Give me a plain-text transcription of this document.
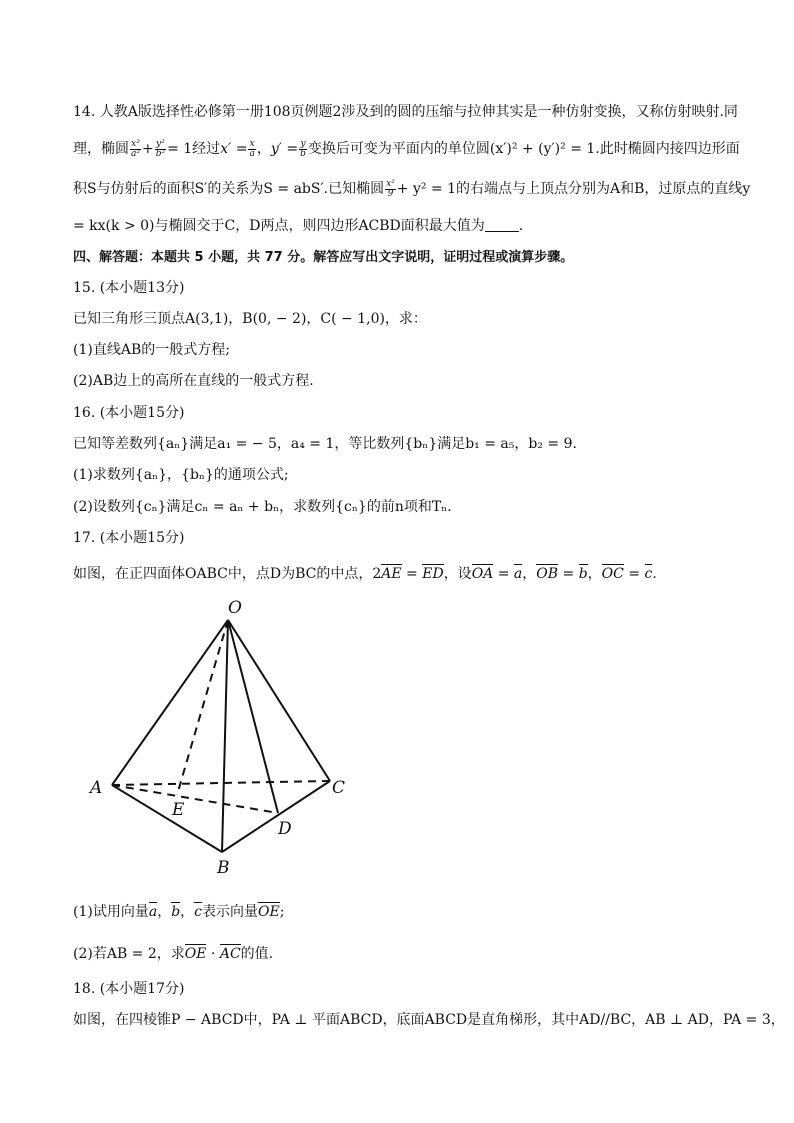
14. 人教A版选择性必修第一册108页例题2涉及到的圆的压缩与拉伸其实是一种仿射变换，又称仿射映射.同
理，椭圆 $\frac{\text{x²}}{\text{a²}} + \frac{\text{y²}}{\text{b²}} = 1$经过$x' = \frac{x}{a}$ ，$y' = \frac{y}{b}$ 变换后可变为平面内的单位圆(x′)² + (y′)² = 1.此时椭圆内接四边形面
积S与仿射后的面积S′的关系为S = abS′.已知椭圆 $\frac{\text{x²}}{9} + y^2 = 1$的右端点与上顶点分别为A和B，过原点的直线y
= kx(k > 0)与椭圆交于C，D两点，则四边形ACBD面积最大值为 .
四、解答题：本题共 5 小题，共 77 分。解答应写出文字说明，证明过程或演算步骤。
15. (本小题13分)
已知三角形三顶点A(3,1)，B(0, − 2)，C( − 1,0)，求：
(1)直线AB的一般式方程;
(2)AB边上的高所在直线的一般式方程.
16. (本小题15分)
已知等差数列{aₙ}满足a₁ = − 5，a₄ = 1，等比数列{bₙ}满足b₁ = a₅，b₂ = 9.
(1)求数列{aₙ}，{bₙ}的通项公式;
(2)设数列{cₙ}满足cₙ = aₙ + bₙ，求数列{cₙ}的前n项和Tₙ.
17. (本小题15分)
如图，在正四面体OABC中，点D为BC的中点，2AE = ED，设OA = a，OB = b，OC = c.
O
A
B
C
D
E
(1)试用向量a，b，c表示向量OE;
(2)若AB = 2，求OE · AC的值.
18. (本小题17分)
如图，在四棱锥P − ABCD中，PA ⊥ 平面ABCD，底面ABCD是直角梯形，其中AD//BC，AB ⊥ AD，PA = 3，
